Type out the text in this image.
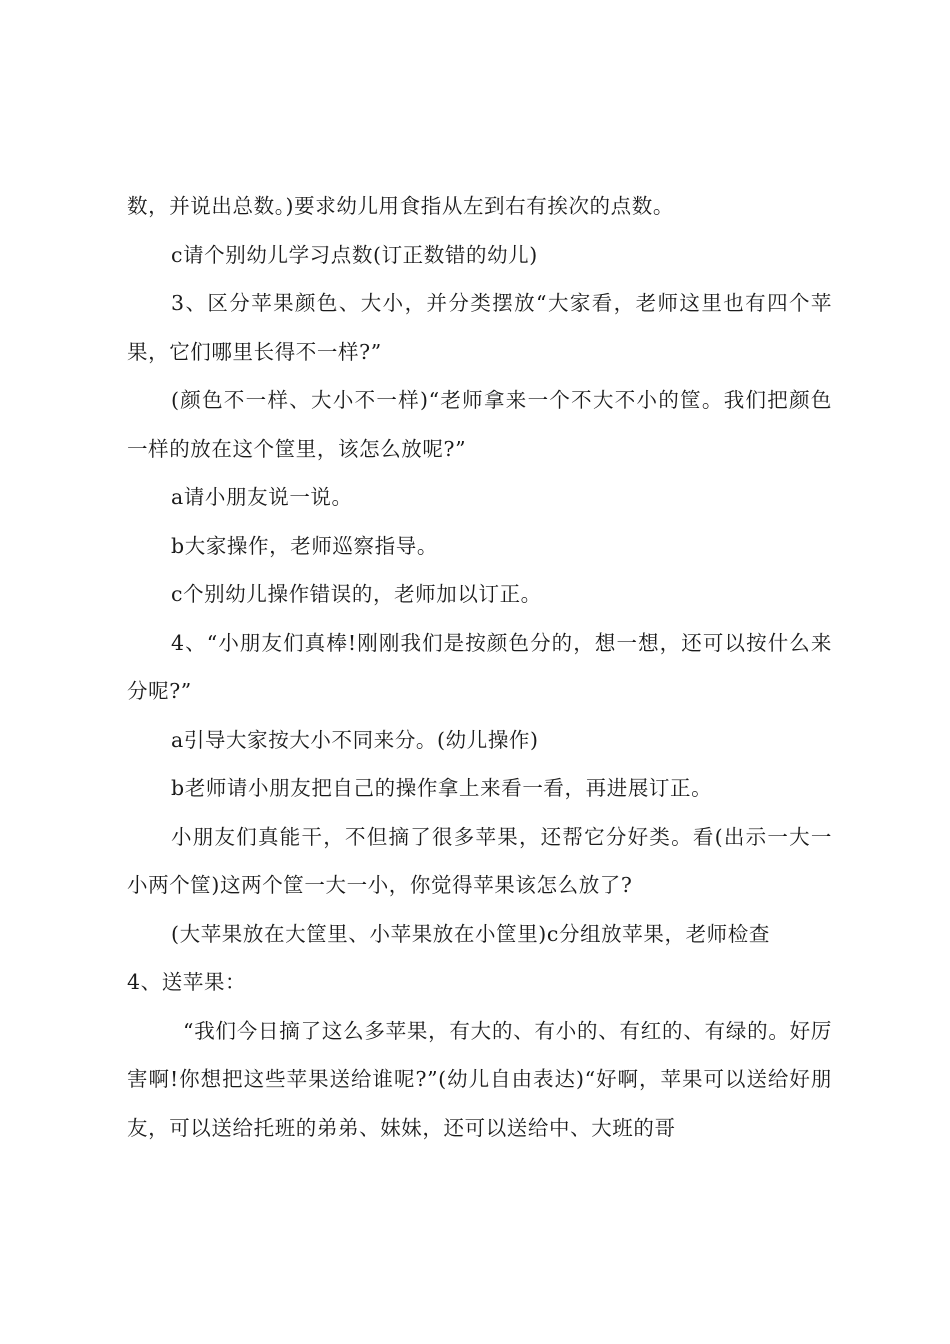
数，并说出总数。)要求幼儿用食指从左到右有挨次的点数。

c请个别幼儿学习点数(订正数错的幼儿)

3、区分苹果颜色、大小，并分类摆放“大家看，老师这里也有四个苹果，它们哪里长得不一样?”

(颜色不一样、大小不一样)“老师拿来一个不大不小的筐。我们把颜色一样的放在这个筐里，该怎么放呢?”

a请小朋友说一说。

b大家操作，老师巡察指导。

c个别幼儿操作错误的，老师加以订正。

4、“小朋友们真棒!刚刚我们是按颜色分的，想一想，还可以按什么来分呢?”

a引导大家按大小不同来分。(幼儿操作)

b老师请小朋友把自己的操作拿上来看一看，再进展订正。

小朋友们真能干，不但摘了很多苹果，还帮它分好类。看(出示一大一小两个筐)这两个筐一大一小，你觉得苹果该怎么放了?

(大苹果放在大筐里、小苹果放在小筐里)c分组放苹果，老师检查

4、送苹果：

“我们今日摘了这么多苹果，有大的、有小的、有红的、有绿的。好厉害啊!你想把这些苹果送给谁呢?”(幼儿自由表达)“好啊，苹果可以送给好朋友，可以送给托班的弟弟、妹妹，还可以送给中、大班的哥
